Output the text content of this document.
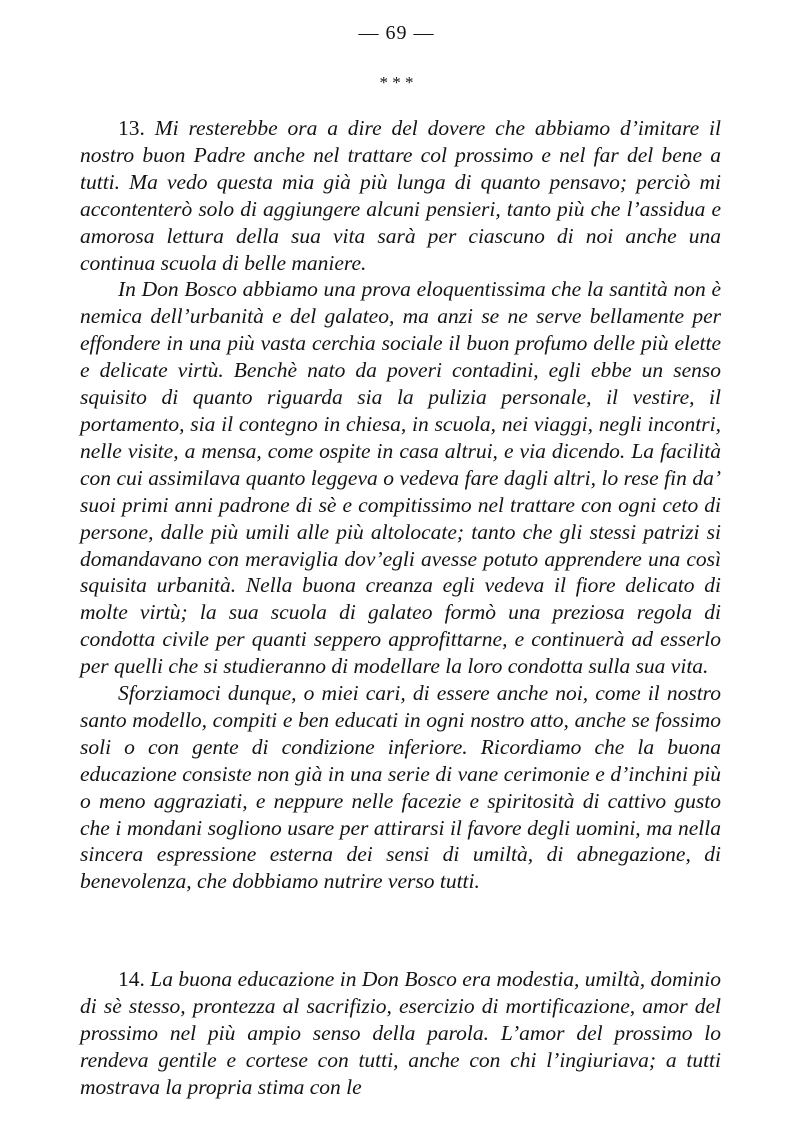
— 69 —
* * *

13. Mi resterebbe ora a dire del dovere che abbiamo d’imitare il nostro buon Padre anche nel trattare col prossimo e nel far del bene a tutti. Ma vedo questa mia già più lunga di quanto pensavo; perciò mi accontenterò solo di aggiungere alcuni pensieri, tanto più che l’assidua e amorosa lettura della sua vita sarà per ciascuno di noi anche una continua scuola di belle maniere.

In Don Bosco abbiamo una prova eloquentissima che la santità non è nemica dell’urbanità e del galateo, ma anzi se ne serve bellamente per effondere in una più vasta cerchia sociale il buon profumo delle più elette e delicate virtù. Benchè nato da poveri contadini, egli ebbe un senso squisito di quanto riguarda sia la pulizia personale, il vestire, il portamento, sia il contegno in chiesa, in scuola, nei viaggi, negli incontri, nelle visite, a mensa, come ospite in casa altrui, e via dicendo. La facilità con cui assimilava quanto leggeva o vedeva fare dagli altri, lo rese fin da’ suoi primi anni padrone di sè e compitissimo nel trattare con ogni ceto di persone, dalle più umili alle più altolocate; tanto che gli stessi patrizi si domandavano con meraviglia dov’egli avesse potuto apprendere una così squisita urbanità. Nella buona creanza egli vedeva il fiore delicato di molte virtù; la sua scuola di galateo formò una preziosa regola di condotta civile per quanti seppero approfittarne, e continuerà ad esserlo per quelli che si studieranno di modellare la loro condotta sulla sua vita.

Sforziamoci dunque, o miei cari, di essere anche noi, come il nostro santo modello, compiti e ben educati in ogni nostro atto, anche se fossimo soli o con gente di condizione inferiore. Ricordiamo che la buona educazione consiste non già in una serie di vane cerimonie e d’inchini più o meno aggraziati, e neppure nelle facezie e spiritosità di cattivo gusto che i mondani sogliono usare per attirarsi il favore degli uomini, ma nella sincera espressione esterna dei sensi di umiltà, di abnegazione, di benevolenza, che dobbiamo nutrire verso tutti.

14. La buona educazione in Don Bosco era modestia, umiltà, dominio di sè stesso, prontezza al sacrifizio, esercizio di mortificazione, amor del prossimo nel più ampio senso della parola. L’amor del prossimo lo rendeva gentile e cortese con tutti, anche con chi l’ingiuriava; a tutti mostrava la propria stima con le
